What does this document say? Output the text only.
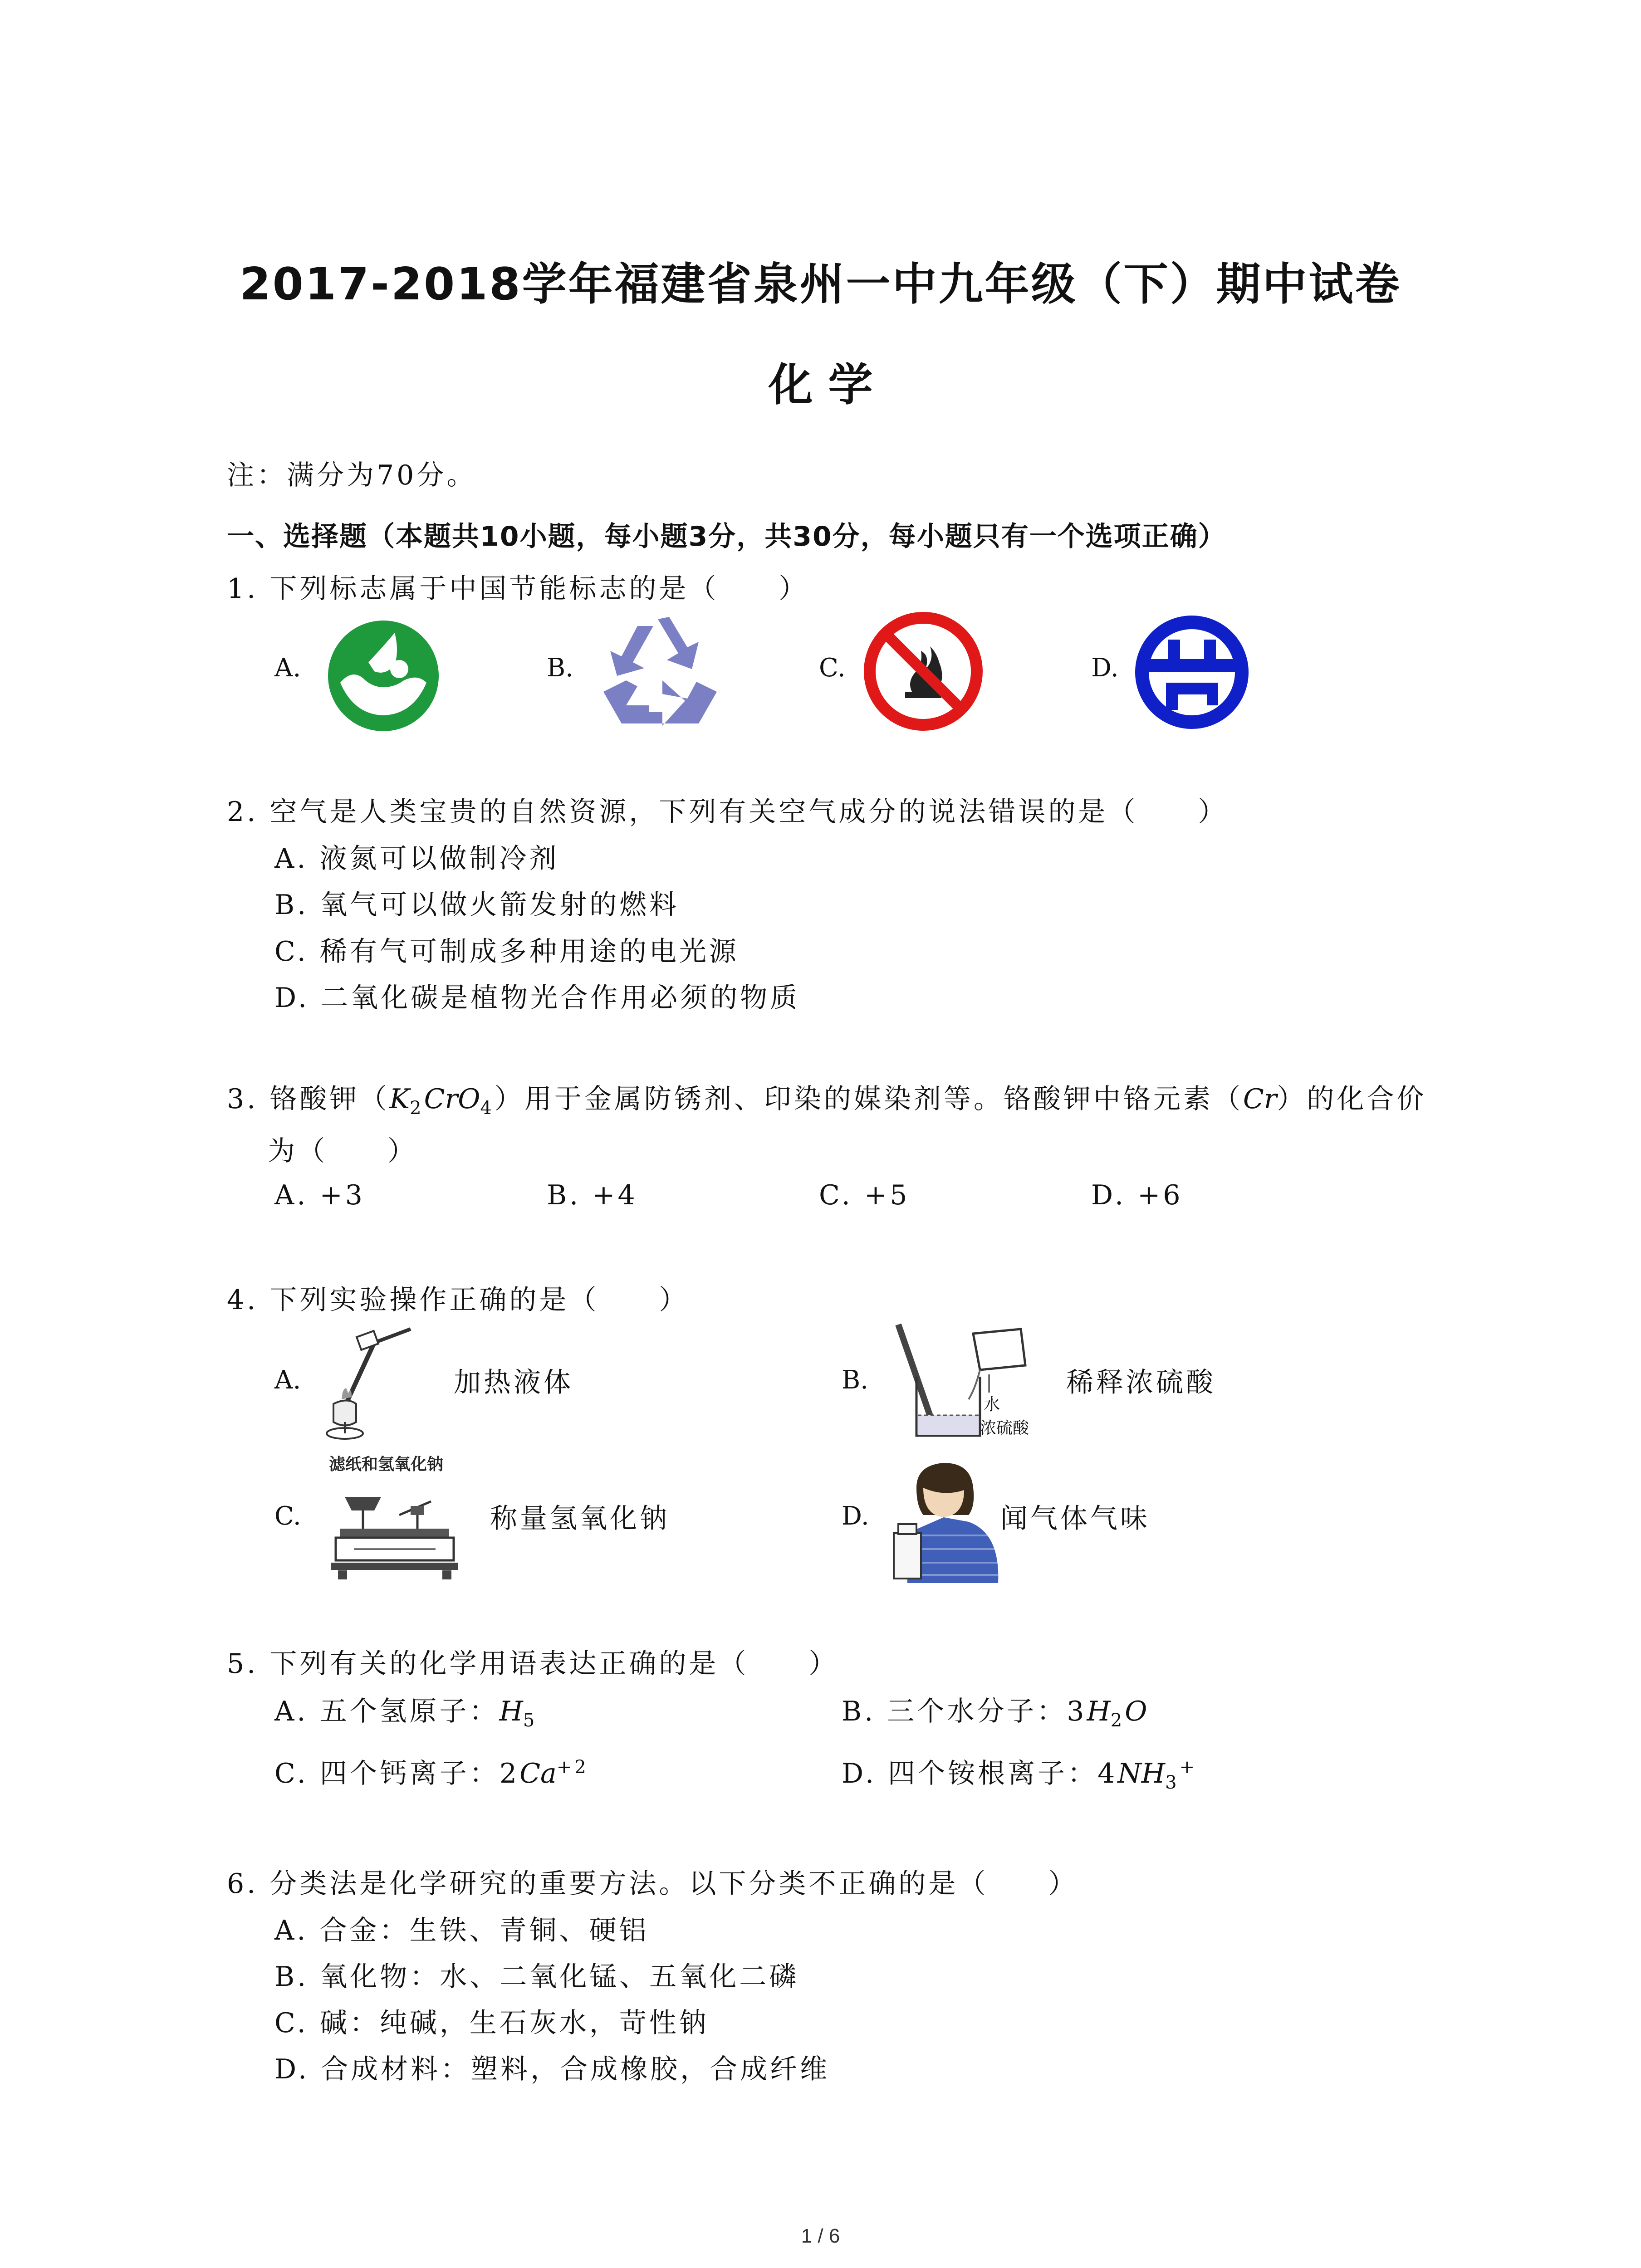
2017-2018学年福建省泉州一中九年级（下）期中试卷
化 学
注：满分为70分。
一、选择题（本题共10小题，每小题3分，共30分，每小题只有一个选项正确）
1. 下列标志属于中国节能标志的是（　　）
A.	B.	C.	D.
2. 空气是人类宝贵的自然资源，下列有关空气成分的说法错误的是（　　）
A. 液氮可以做制冷剂
B. 氧气可以做火箭发射的燃料
C. 稀有气可制成多种用途的电光源
D. 二氧化碳是植物光合作用必须的物质
3. 铬酸钾$(K_2CrO_4)$用于金属防锈剂、印染的媒染剂等。铬酸钾中铬元素（Cr）的化合价
为（　　）
A. +3	B. +4	C. +5	D. +6
4. 下列实验操作正确的是（　　）
A.	加热液体	B.
水
浓硫酸
稀释浓硫酸
C.
滤纸和氢氧化钠
称量氢氧化钠	D.	闻气体气味
5. 下列有关的化学用语表达正确的是（　　）
A. 五个氢原子：$H_5$	B. 三个水分子：$3H_2O$
C. 四个钙离子：$2Ca^{+2}$	D. 四个铵根离子：$4NH_3^+$
6. 分类法是化学研究的重要方法。以下分类不正确的是（　　）
A. 合金：生铁、青铜、硬铝
B. 氧化物：水、二氧化锰、五氧化二磷
C. 碱：纯碱，生石灰水，苛性钠
D. 合成材料：塑料，合成橡胶，合成纤维
1 / 6
